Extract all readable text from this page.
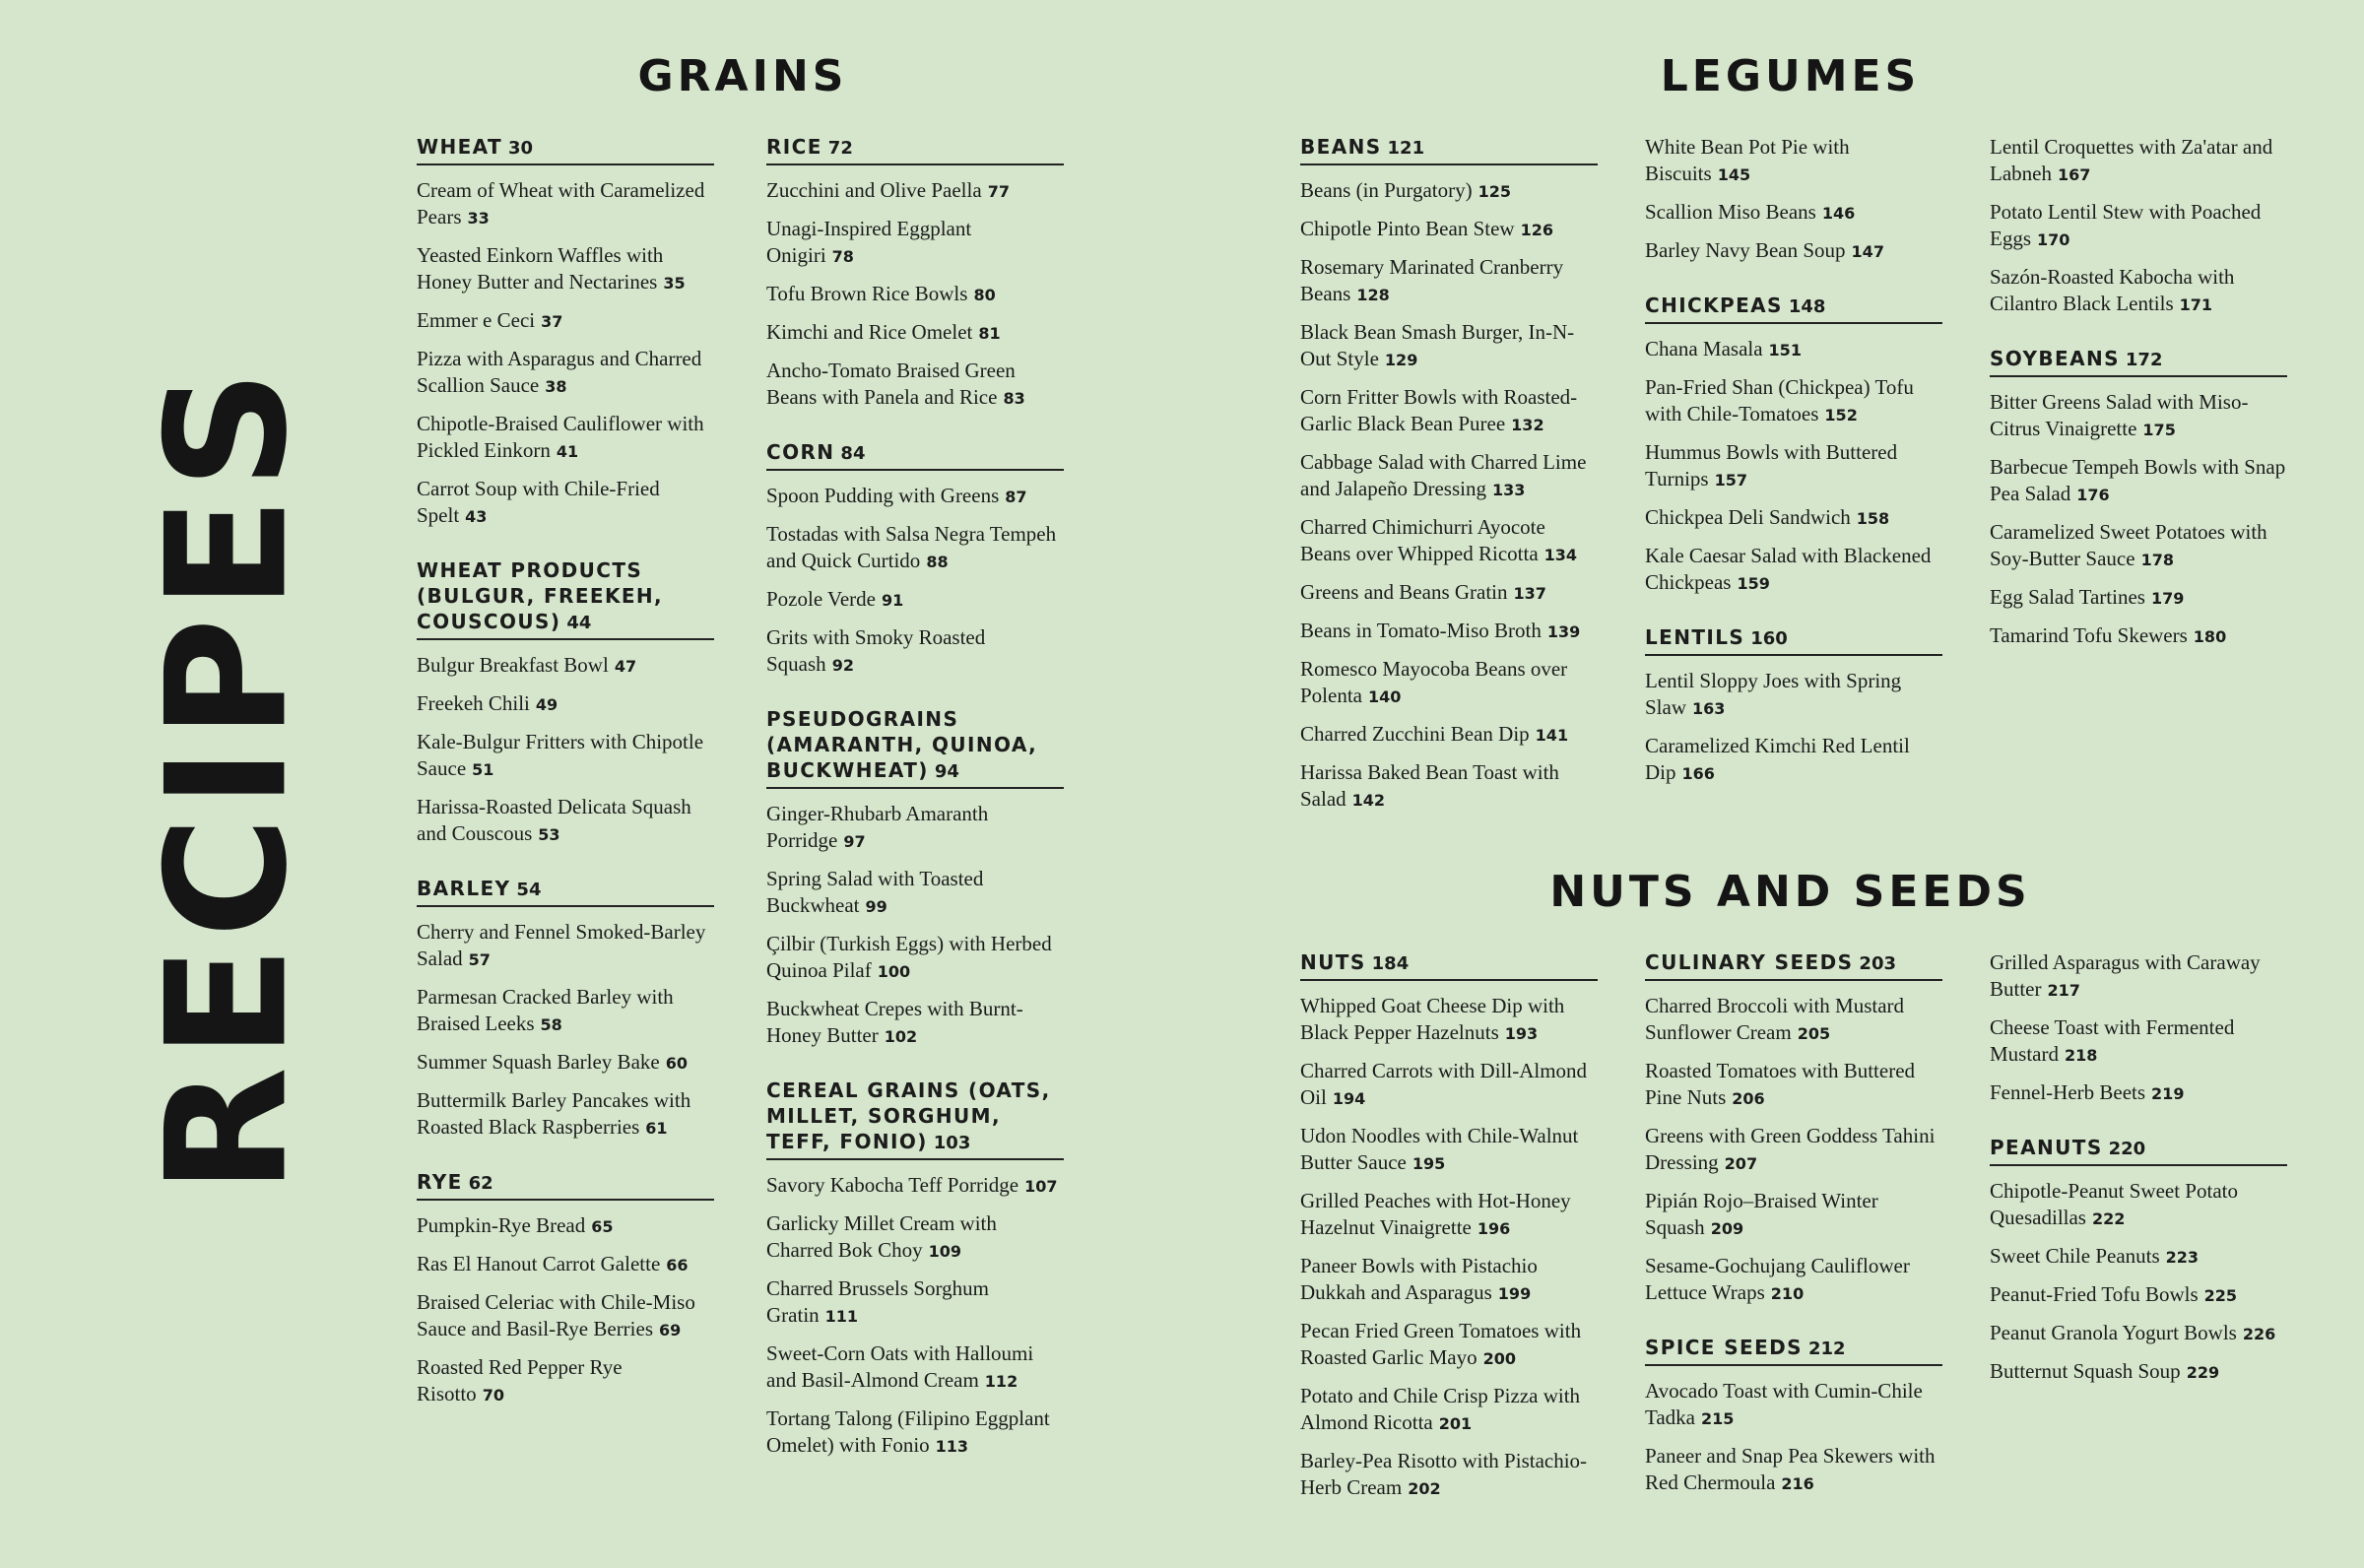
RECIPES
GRAINS	LEGUMES
NUTS AND SEEDS
WHEAT 30
Cream of Wheat with Caramelized Pears 33
Yeasted Einkorn Waffles with Honey Butter and Nectarines 35
Emmer e Ceci 37
Pizza with Asparagus and Charred Scallion Sauce 38
Chipotle-Braised Cauliflower with Pickled Einkorn 41
Carrot Soup with Chile-Fried Spelt 43
WHEAT PRODUCTS (BULGUR, FREEKEH, COUSCOUS) 44
Bulgur Breakfast Bowl 47
Freekeh Chili 49
Kale-Bulgur Fritters with Chipotle Sauce 51
Harissa-Roasted Delicata Squash and Couscous 53
BARLEY 54
Cherry and Fennel Smoked-Barley Salad 57
Parmesan Cracked Barley with Braised Leeks 58
Summer Squash Barley Bake 60
Buttermilk Barley Pancakes with Roasted Black Raspberries 61
RYE 62
Pumpkin-Rye Bread 65
Ras El Hanout Carrot Galette 66
Braised Celeriac with Chile-Miso Sauce and Basil-Rye Berries 69
Roasted Red Pepper Rye Risotto 70
RICE 72
Zucchini and Olive Paella 77
Unagi-Inspired Eggplant Onigiri 78
Tofu Brown Rice Bowls 80
Kimchi and Rice Omelet 81
Ancho-Tomato Braised Green Beans with Panela and Rice 83
CORN 84
Spoon Pudding with Greens 87
Tostadas with Salsa Negra Tempeh and Quick Curtido 88
Pozole Verde 91
Grits with Smoky Roasted Squash 92
PSEUDOGRAINS (AMARANTH, QUINOA, BUCKWHEAT) 94
Ginger-Rhubarb Amaranth Porridge 97
Spring Salad with Toasted Buckwheat 99
Çilbir (Turkish Eggs) with Herbed Quinoa Pilaf 100
Buckwheat Crepes with Burnt-Honey Butter 102
CEREAL GRAINS (OATS, MILLET, SORGHUM, TEFF, FONIO) 103
Savory Kabocha Teff Porridge 107
Garlicky Millet Cream with Charred Bok Choy 109
Charred Brussels Sorghum Gratin 111
Sweet-Corn Oats with Halloumi and Basil-Almond Cream 112
Tortang Talong (Filipino Eggplant Omelet) with Fonio 113
BEANS 121
Beans (in Purgatory) 125
Chipotle Pinto Bean Stew 126
Rosemary Marinated Cranberry Beans 128
Black Bean Smash Burger, In-N-Out Style 129
Corn Fritter Bowls with Roasted-Garlic Black Bean Puree 132
Cabbage Salad with Charred Lime and Jalapeño Dressing 133
Charred Chimichurri Ayocote Beans over Whipped Ricotta 134
Greens and Beans Gratin 137
Beans in Tomato-Miso Broth 139
Romesco Mayocoba Beans over Polenta 140
Charred Zucchini Bean Dip 141
Harissa Baked Bean Toast with Salad 142
White Bean Pot Pie with Biscuits 145
Scallion Miso Beans 146
Barley Navy Bean Soup 147
CHICKPEAS 148
Chana Masala 151
Pan-Fried Shan (Chickpea) Tofu with Chile-Tomatoes 152
Hummus Bowls with Buttered Turnips 157
Chickpea Deli Sandwich 158
Kale Caesar Salad with Blackened Chickpeas 159
LENTILS 160
Lentil Sloppy Joes with Spring Slaw 163
Caramelized Kimchi Red Lentil Dip 166
Lentil Croquettes with Za'atar and Labneh 167
Potato Lentil Stew with Poached Eggs 170
Sazón-Roasted Kabocha with Cilantro Black Lentils 171
SOYBEANS 172
Bitter Greens Salad with Miso-Citrus Vinaigrette 175
Barbecue Tempeh Bowls with Snap Pea Salad 176
Caramelized Sweet Potatoes with Soy-Butter Sauce 178
Egg Salad Tartines 179
Tamarind Tofu Skewers 180
NUTS 184
Whipped Goat Cheese Dip with Black Pepper Hazelnuts 193
Charred Carrots with Dill-Almond Oil 194
Udon Noodles with Chile-Walnut Butter Sauce 195
Grilled Peaches with Hot-Honey Hazelnut Vinaigrette 196
Paneer Bowls with Pistachio Dukkah and Asparagus 199
Pecan Fried Green Tomatoes with Roasted Garlic Mayo 200
Potato and Chile Crisp Pizza with Almond Ricotta 201
Barley-Pea Risotto with Pistachio-Herb Cream 202
CULINARY SEEDS 203
Charred Broccoli with Mustard Sunflower Cream 205
Roasted Tomatoes with Buttered Pine Nuts 206
Greens with Green Goddess Tahini Dressing 207
Pipián Rojo–Braised Winter Squash 209
Sesame-Gochujang Cauliflower Lettuce Wraps 210
SPICE SEEDS 212
Avocado Toast with Cumin-Chile Tadka 215
Paneer and Snap Pea Skewers with Red Chermoula 216
Grilled Asparagus with Caraway Butter 217
Cheese Toast with Fermented Mustard 218
Fennel-Herb Beets 219
PEANUTS 220
Chipotle-Peanut Sweet Potato Quesadillas 222
Sweet Chile Peanuts 223
Peanut-Fried Tofu Bowls 225
Peanut Granola Yogurt Bowls 226
Butternut Squash Soup 229
